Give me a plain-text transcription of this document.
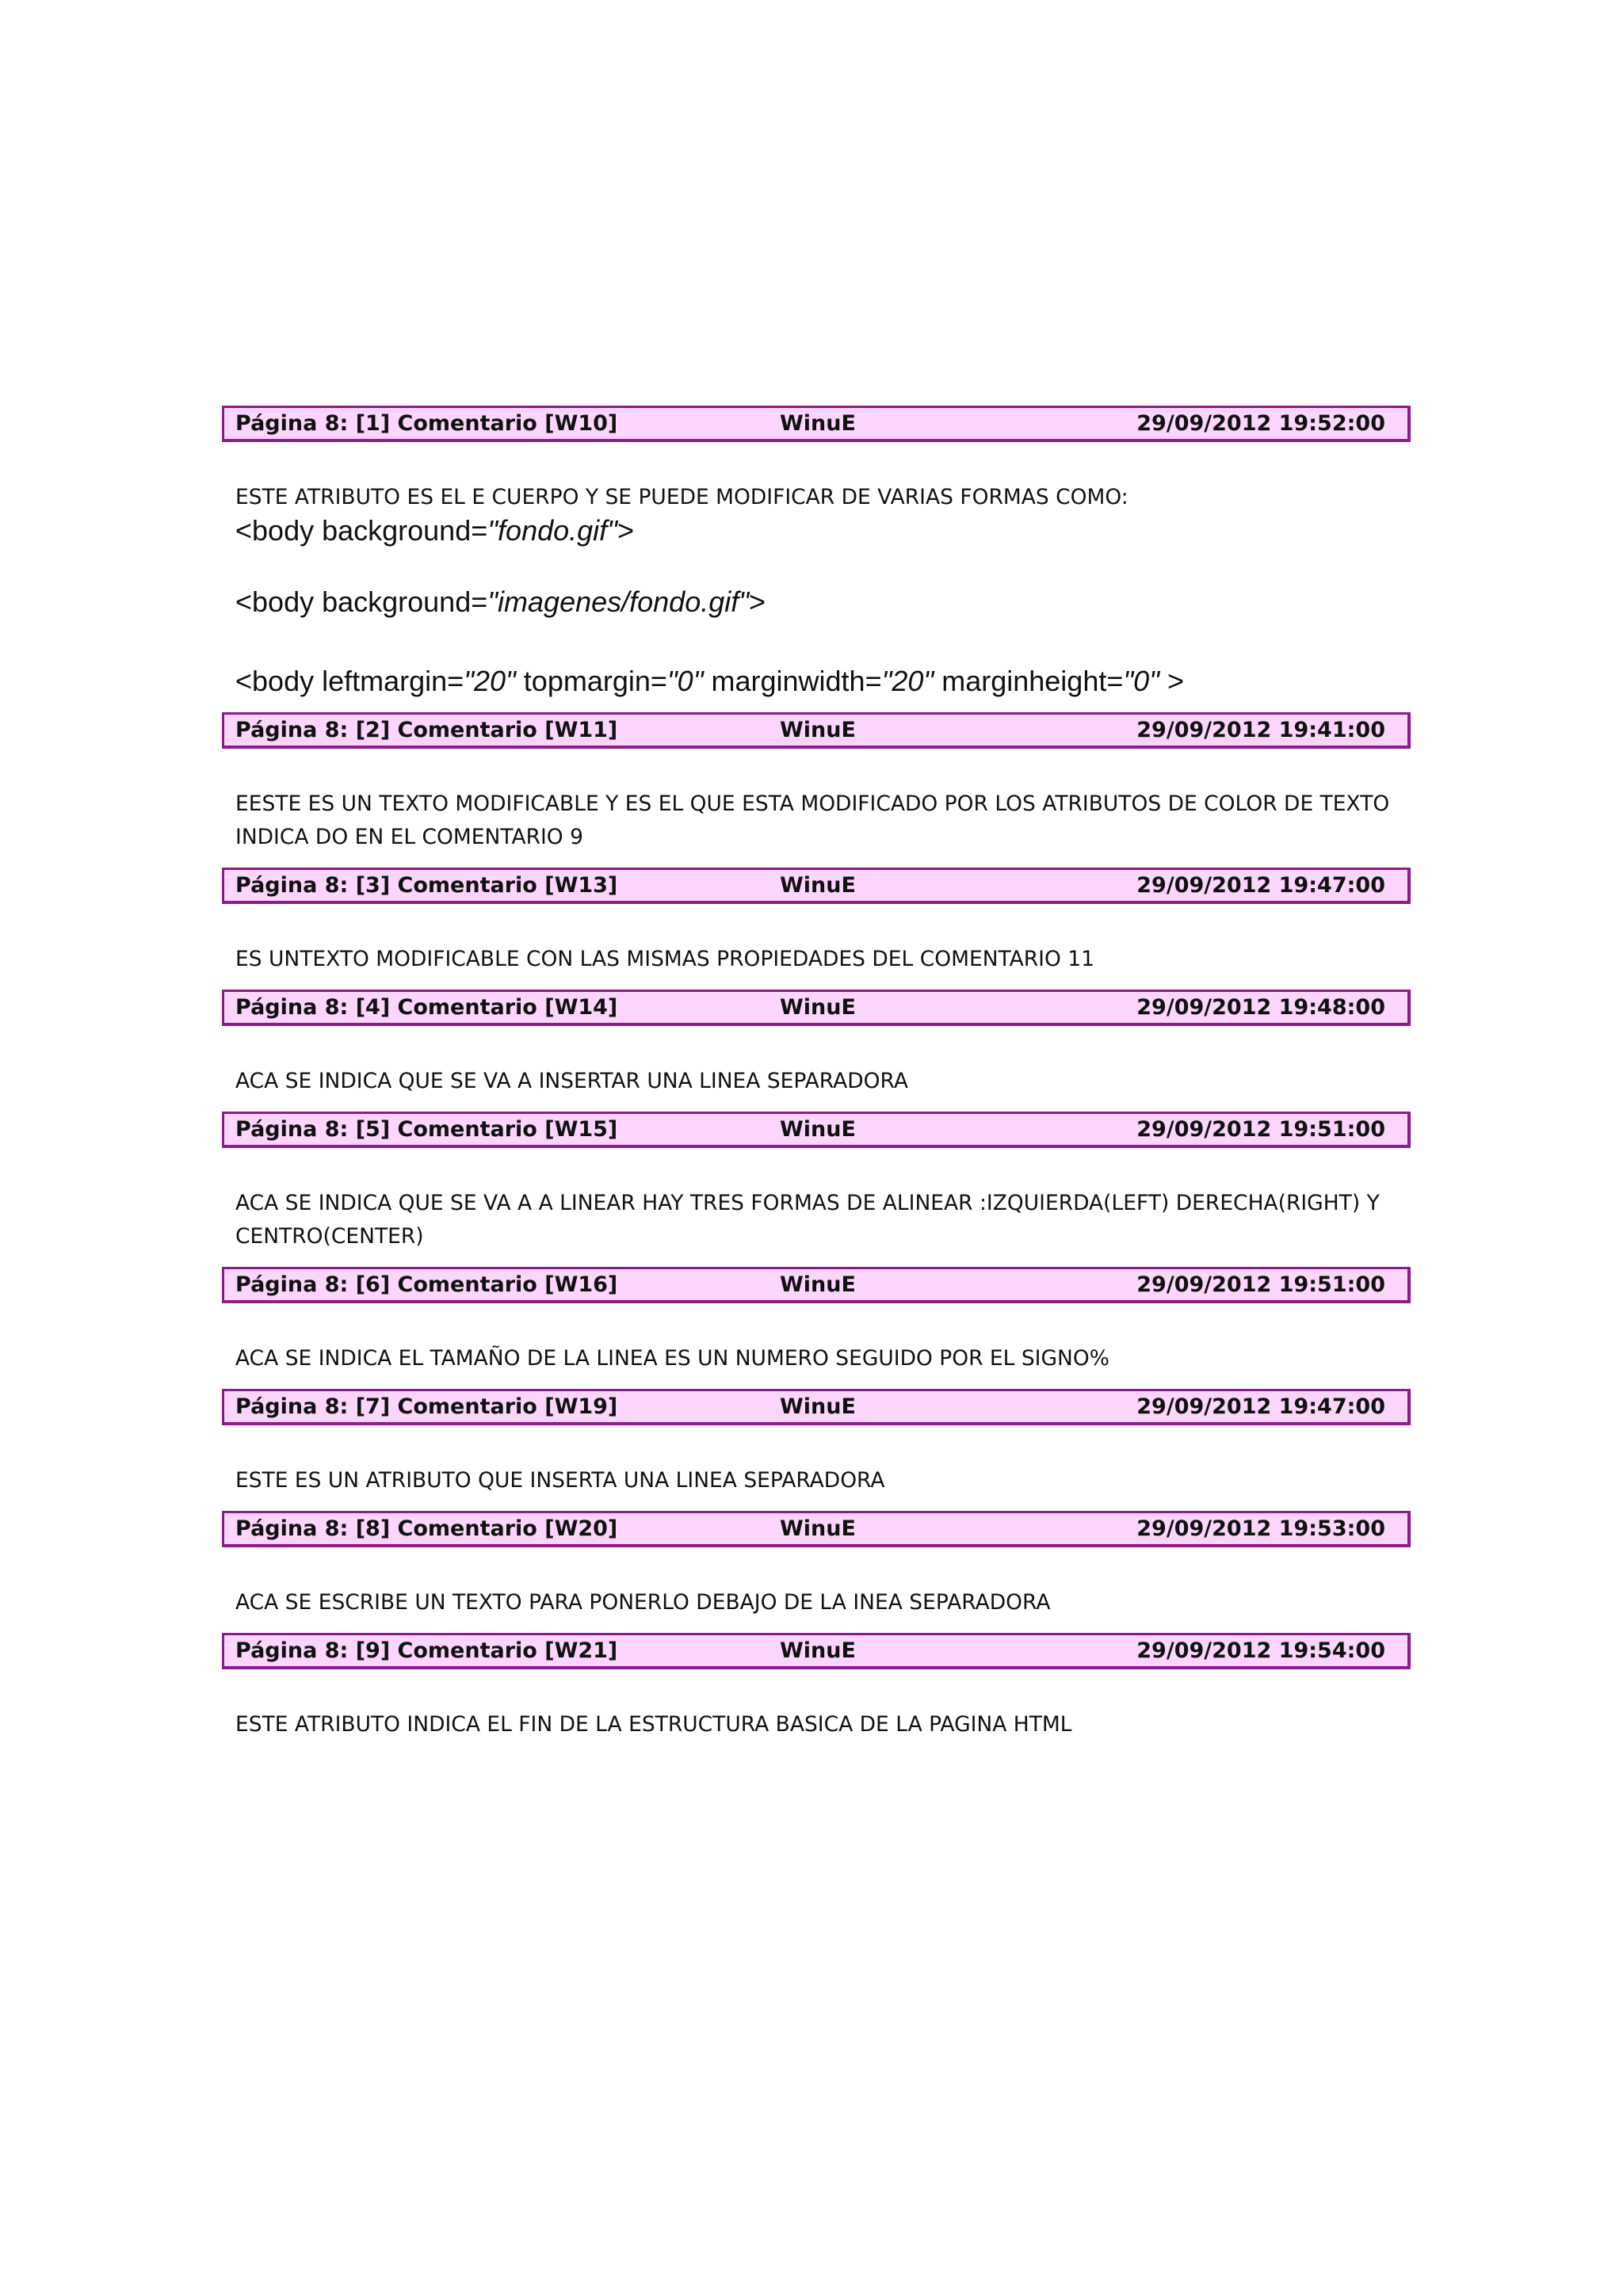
Página 8: [1] Comentario [W10]	WinuE	29/09/2012 19:52:00

ESTE ATRIBUTO ES EL E CUERPO Y SE PUEDE MODIFICAR DE VARIAS FORMAS COMO:

<body background="fondo.gif">
<body background="imagenes/fondo.gif">
<body leftmargin="20" topmargin="0" marginwidth="20" marginheight="0" >
Página 8: [2] Comentario [W11]	WinuE	29/09/2012 19:41:00

EESTE ES UN TEXTO MODIFICABLE Y ES EL QUE ESTA MODIFICADO POR LOS ATRIBUTOS DE COLOR DE TEXTO INDICA DO EN EL COMENTARIO 9

Página 8: [3] Comentario [W13]	WinuE	29/09/2012 19:47:00

ES UNTEXTO MODIFICABLE CON LAS MISMAS PROPIEDADES DEL COMENTARIO 11

Página 8: [4] Comentario [W14]	WinuE	29/09/2012 19:48:00

ACA SE INDICA QUE SE VA A INSERTAR UNA LINEA SEPARADORA

Página 8: [5] Comentario [W15]	WinuE	29/09/2012 19:51:00

ACA SE INDICA QUE SE VA A A LINEAR HAY TRES FORMAS DE ALINEAR :IZQUIERDA(LEFT) DERECHA(RIGHT) Y CENTRO(CENTER)

Página 8: [6] Comentario [W16]	WinuE	29/09/2012 19:51:00

ACA SE INDICA EL TAMAÑO DE LA LINEA ES UN NUMERO SEGUIDO POR EL SIGNO%

Página 8: [7] Comentario [W19]	WinuE	29/09/2012 19:47:00

ESTE ES UN ATRIBUTO QUE INSERTA UNA LINEA SEPARADORA

Página 8: [8] Comentario [W20]	WinuE	29/09/2012 19:53:00

ACA SE ESCRIBE UN TEXTO PARA PONERLO DEBAJO DE LA INEA SEPARADORA

Página 8: [9] Comentario [W21]	WinuE	29/09/2012 19:54:00

ESTE ATRIBUTO INDICA EL FIN DE LA ESTRUCTURA BASICA DE LA PAGINA HTML
